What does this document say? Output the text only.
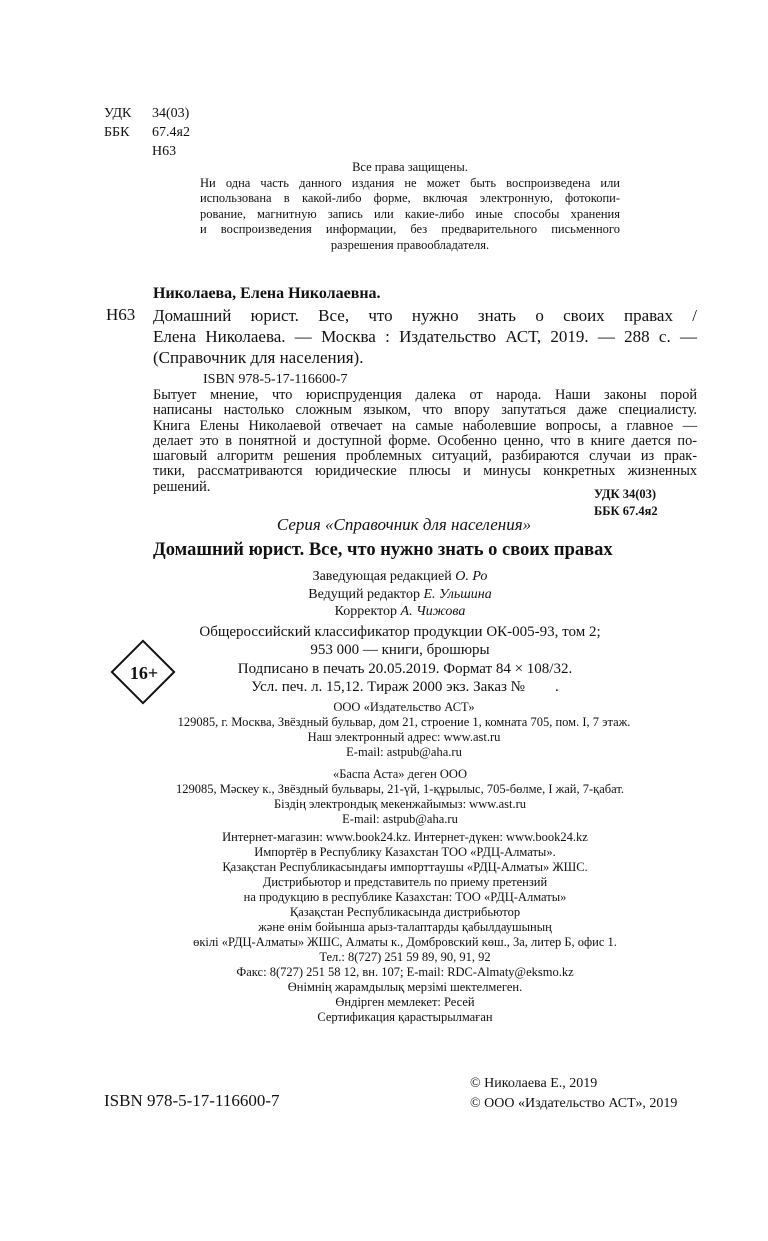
УДК	34(03)
ББК	67.4я2
Н63
Все права защищены.
Ни одна часть данного издания не может быть воспроизведена или
использована в какой-либо форме, включая электронную, фотокопи-
рование, магнитную запись или какие-либо иные способы хранения
и воспроизведения информации, без предварительного письменного
разрешения правообладателя.
Николаева, Елена Николаевна.
Н63 Домашний юрист. Все, что нужно знать о своих правах /
Елена Николаева. — Москва : Издательство АСТ, 2019. — 288 с. —
(Справочник для населения).
ISBN 978-5-17-116600-7
Бытует мнение, что юриспруденция далека от народа. Наши законы порой
написаны настолько сложным языком, что впору запутаться даже специалисту.
Книга Елены Николаевой отвечает на самые наболевшие вопросы, а главное —
делает это в понятной и доступной форме. Особенно ценно, что в книге дается по-
шаговый алгоритм решения проблемных ситуаций, разбираются случаи из прак-
тики, рассматриваются юридические плюсы и минусы конкретных жизненных
решений.	УДК 34(03)
ББК 67.4я2
Серия «Справочник для населения»
Домашний юрист. Все, что нужно знать о своих правах
Заведующая редакцией О. Ро
Ведущий редактор Е. Ульшина
Корректор А. Чижова
Общероссийский классификатор продукции ОК-005-93, том 2;
953 000 — книги, брошюры
16+	Подписано в печать 20.05.2019. Формат 84 × 108/32.
Усл. печ. л. 15,12. Тираж 2000 экз. Заказ №        .
ООО «Издательство АСТ»
129085, г. Москва, Звёздный бульвар, дом 21, строение 1, комната 705, пом. I, 7 этаж.
Наш электронный адрес: www.ast.ru
E-mail: astpub@aha.ru
«Баспа Аста» деген ООО
129085, Мәскеу к., Звёздный бульвары, 21-үй, 1-құрылыс, 705-бөлме, I жай, 7-қабат.
Біздің электрондық мекенжайымыз: www.ast.ru
E-mail: astpub@aha.ru
Интернет-магазин: www.book24.kz. Интернет-дүкен: www.book24.kz
Импортёр в Республику Казахстан ТОО «РДЦ-Алматы».
Қазақстан Республикасындағы импорттаушы «РДЦ-Алматы» ЖШС.
Дистрибьютор и представитель по приему претензий
на продукцию в республике Казахстан: ТОО «РДЦ-Алматы»
Қазақстан Республикасында дистрибьютор
және өнім бойынша арыз-талаптарды қабылдаушының
өкілі «РДЦ-Алматы» ЖШС, Алматы к., Домбровский көш., 3а, литер Б, офис 1.
Тел.: 8(727) 251 59 89, 90, 91, 92
Факс: 8(727) 251 58 12, вн. 107; E-mail: RDC-Almaty@eksmo.kz
Өнімнің жарамдылық мерзімі шектелмеген.
Өндірген мемлекет: Ресей
Сертификация қарастырылмаған
ISBN 978-5-17-116600-7
© Николаева Е., 2019
© ООО «Издательство АСТ», 2019
